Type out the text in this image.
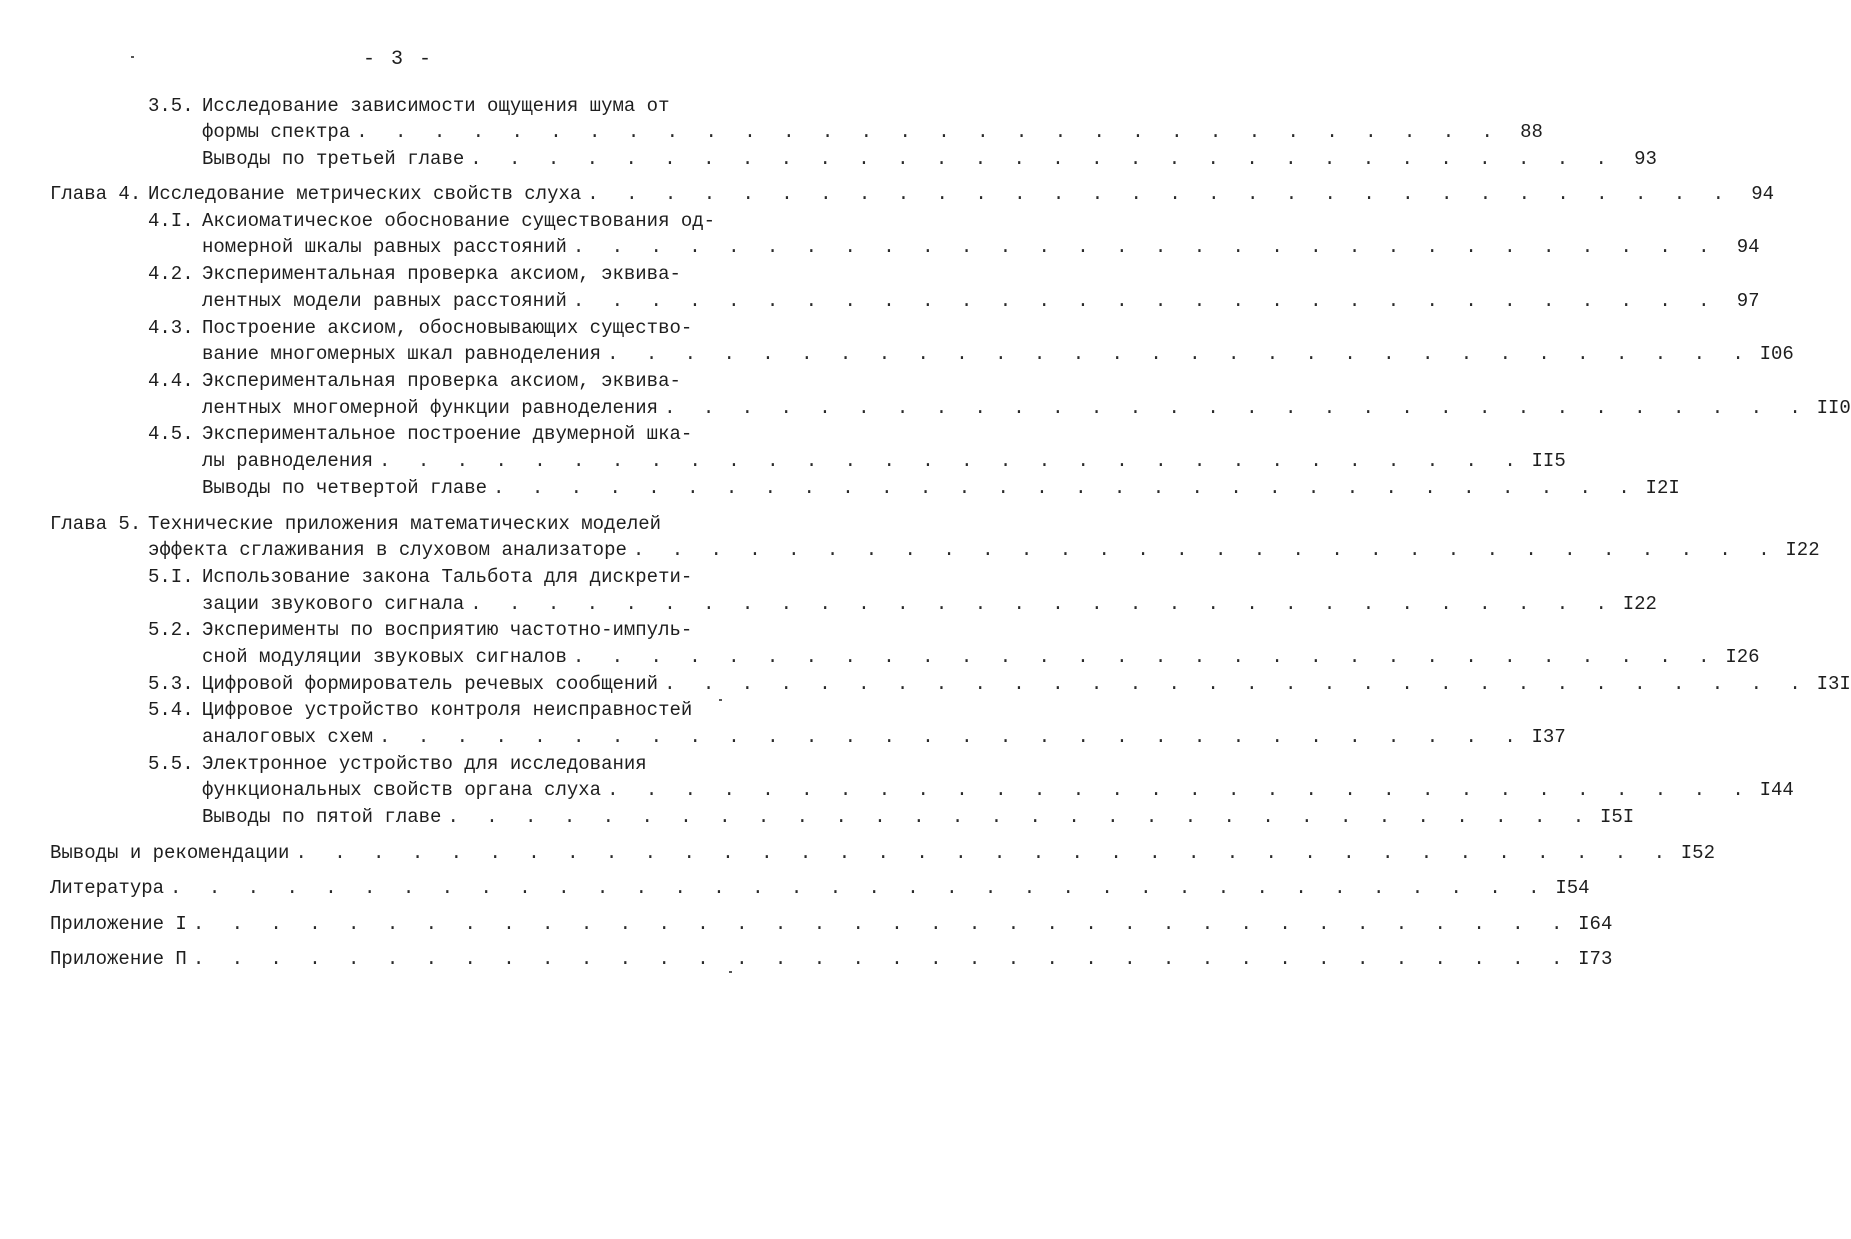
- 3 -
3.5. Исследование зависимости ощущения шума от
формы спектра . . . . . . . . . . . . . . . . . . . . . . . . . . . . . .	88
Выводы по третьей главе . . . . . . . . . . . . . . . . . . . . . . . . . . . . . .	93
Глава 4. Исследование метрических свойств слуха . . . . . . . . . . . . . . . . . . . . . . . . . . . . . .	94
4.I. Аксиоматическое обоснование существования од-
номерной шкалы равных расстояний . . . . . . . . . . . . . . . . . . . . . . . . . . . . . .	94
4.2. Экспериментальная проверка аксиом, эквива-
лентных модели равных расстояний . . . . . . . . . . . . . . . . . . . . . . . . . . . . . .	97
4.3. Построение аксиом, обосновывающих существо-
вание многомерных шкал равноделения . . . . . . . . . . . . . . . . . . . . . . . . . . . . . . I06
4.4. Экспериментальная проверка аксиом, эквива-
лентных многомерной функции равноделения . . . . . . . . . . . . . . . . . . . . . . . . . . . . . . II0
4.5. Экспериментальное построение двумерной шка-
лы равноделения . . . . . . . . . . . . . . . . . . . . . . . . . . . . . . II5
Выводы по четвертой главе . . . . . . . . . . . . . . . . . . . . . . . . . . . . . . I2I
Глава 5. Технические приложения математических моделей
эффекта сглаживания в слуховом анализаторе . . . . . . . . . . . . . . . . . . . . . . . . . . . . . . I22
5.I. Использование закона Тальбота для дискрети-
зации звукового сигнала . . . . . . . . . . . . . . . . . . . . . . . . . . . . . . I22
5.2. Эксперименты по восприятию частотно-импуль-
сной модуляции звуковых сигналов . . . . . . . . . . . . . . . . . . . . . . . . . . . . . . I26
5.3. Цифровой формирователь речевых сообщений . . . . . . . . . . . . . . . . . . . . . . . . . . . . . . I3I
5.4. Цифровое устройство контроля неисправностей
аналоговых схем . . . . . . . . . . . . . . . . . . . . . . . . . . . . . . I37
5.5. Электронное устройство для исследования
функциональных свойств органа слуха . . . . . . . . . . . . . . . . . . . . . . . . . . . . . . I44
Выводы по пятой главе . . . . . . . . . . . . . . . . . . . . . . . . . . . . . . I5I
Выводы и рекомендации . . . . . . . . . . . . . . . . . . . . . . . . . . . . . . . . . . . . I52
Литература . . . . . . . . . . . . . . . . . . . . . . . . . . . . . . . . . . . . I54
Приложение I . . . . . . . . . . . . . . . . . . . . . . . . . . . . . . . . . . . . I64
Приложение П . . . . . . . . . . . . . . . . . . . . . . . . . . . . . . . . . . . . I73
